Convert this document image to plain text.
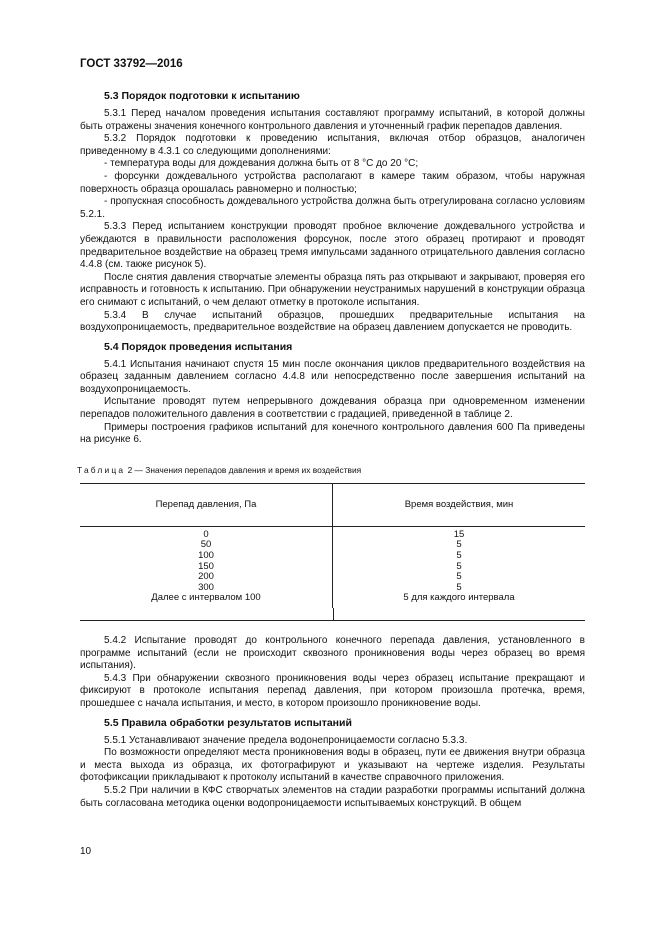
ГОСТ 33792—2016
5.3 Порядок подготовки к испытанию

5.3.1 Перед началом проведения испытания составляют программу испытаний, в которой должны быть отражены значения конечного контрольного давления и уточненный график перепадов давления.

5.3.2 Порядок подготовки к проведению испытания, включая отбор образцов, аналогичен приведенному в 4.3.1 со следующими дополнениями:

- температура воды для дождевания должна быть от 8 °С до 20 °С;

- форсунки дождевального устройства располагают в камере таким образом, чтобы наружная поверхность образца орошалась равномерно и полностью;

- пропускная способность дождевального устройства должна быть отрегулирована согласно условиям 5.2.1.

5.3.3 Перед испытанием конструкции проводят пробное включение дождевального устройства и убеждаются в правильности расположения форсунок, после этого образец протирают и проводят предварительное воздействие на образец тремя импульсами заданного отрицательного давления согласно 4.4.8 (см. также рисунок 5).

После снятия давления створчатые элементы образца пять раз открывают и закрывают, проверяя его исправность и готовность к испытанию. При обнаружении неустранимых нарушений в конструкции образца его снимают с испытаний, о чем делают отметку в протоколе испытания.

5.3.4 В случае испытаний образцов, прошедших предварительные испытания на воздухопроницаемость, предварительное воздействие на образец давлением допускается не проводить.

5.4 Порядок проведения испытания

5.4.1 Испытания начинают спустя 15 мин после окончания циклов предварительного воздействия на образец заданным давлением согласно 4.4.8 или непосредственно после завершения испытаний на воздухопроницаемость.

Испытание проводят путем непрерывного дождевания образца при одновременном изменении перепадов положительного давления в соответствии с градацией, приведенной в таблице 2.

Примеры построения графиков испытаний для конечного контрольного давления 600 Па приведены на рисунке 6.

Таблица 2 — Значения перепадов давления и время их воздействия
Перепад давления, Па	Время воздействия, мин
0	15
50	5
100	5
150	5
200	5
300	5
Далее с интервалом 100	5 для каждого интервала

5.4.2 Испытание проводят до контрольного конечного перепада давления, установленного в программе испытаний (если не происходит сквозного проникновения воды через образец во время испытания).

5.4.3 При обнаружении сквозного проникновения воды через образец испытание прекращают и фиксируют в протоколе испытания перепад давления, при котором произошла протечка, время, прошедшее с начала испытания, и место, в котором произошло проникновение воды.

5.5 Правила обработки результатов испытаний

5.5.1 Устанавливают значение предела водонепроницаемости согласно 5.3.3.

По возможности определяют места проникновения воды в образец, пути ее движения внутри образца и места выхода из образца, их фотографируют и указывают на чертеже изделия. Результаты фотофиксации прикладывают к протоколу испытаний в качестве справочного приложения.

5.5.2 При наличии в КФС створчатых элементов на стадии разработки программы испытаний должна быть согласована методика оценки водопроницаемости испытываемых конструкций. В общем

10
